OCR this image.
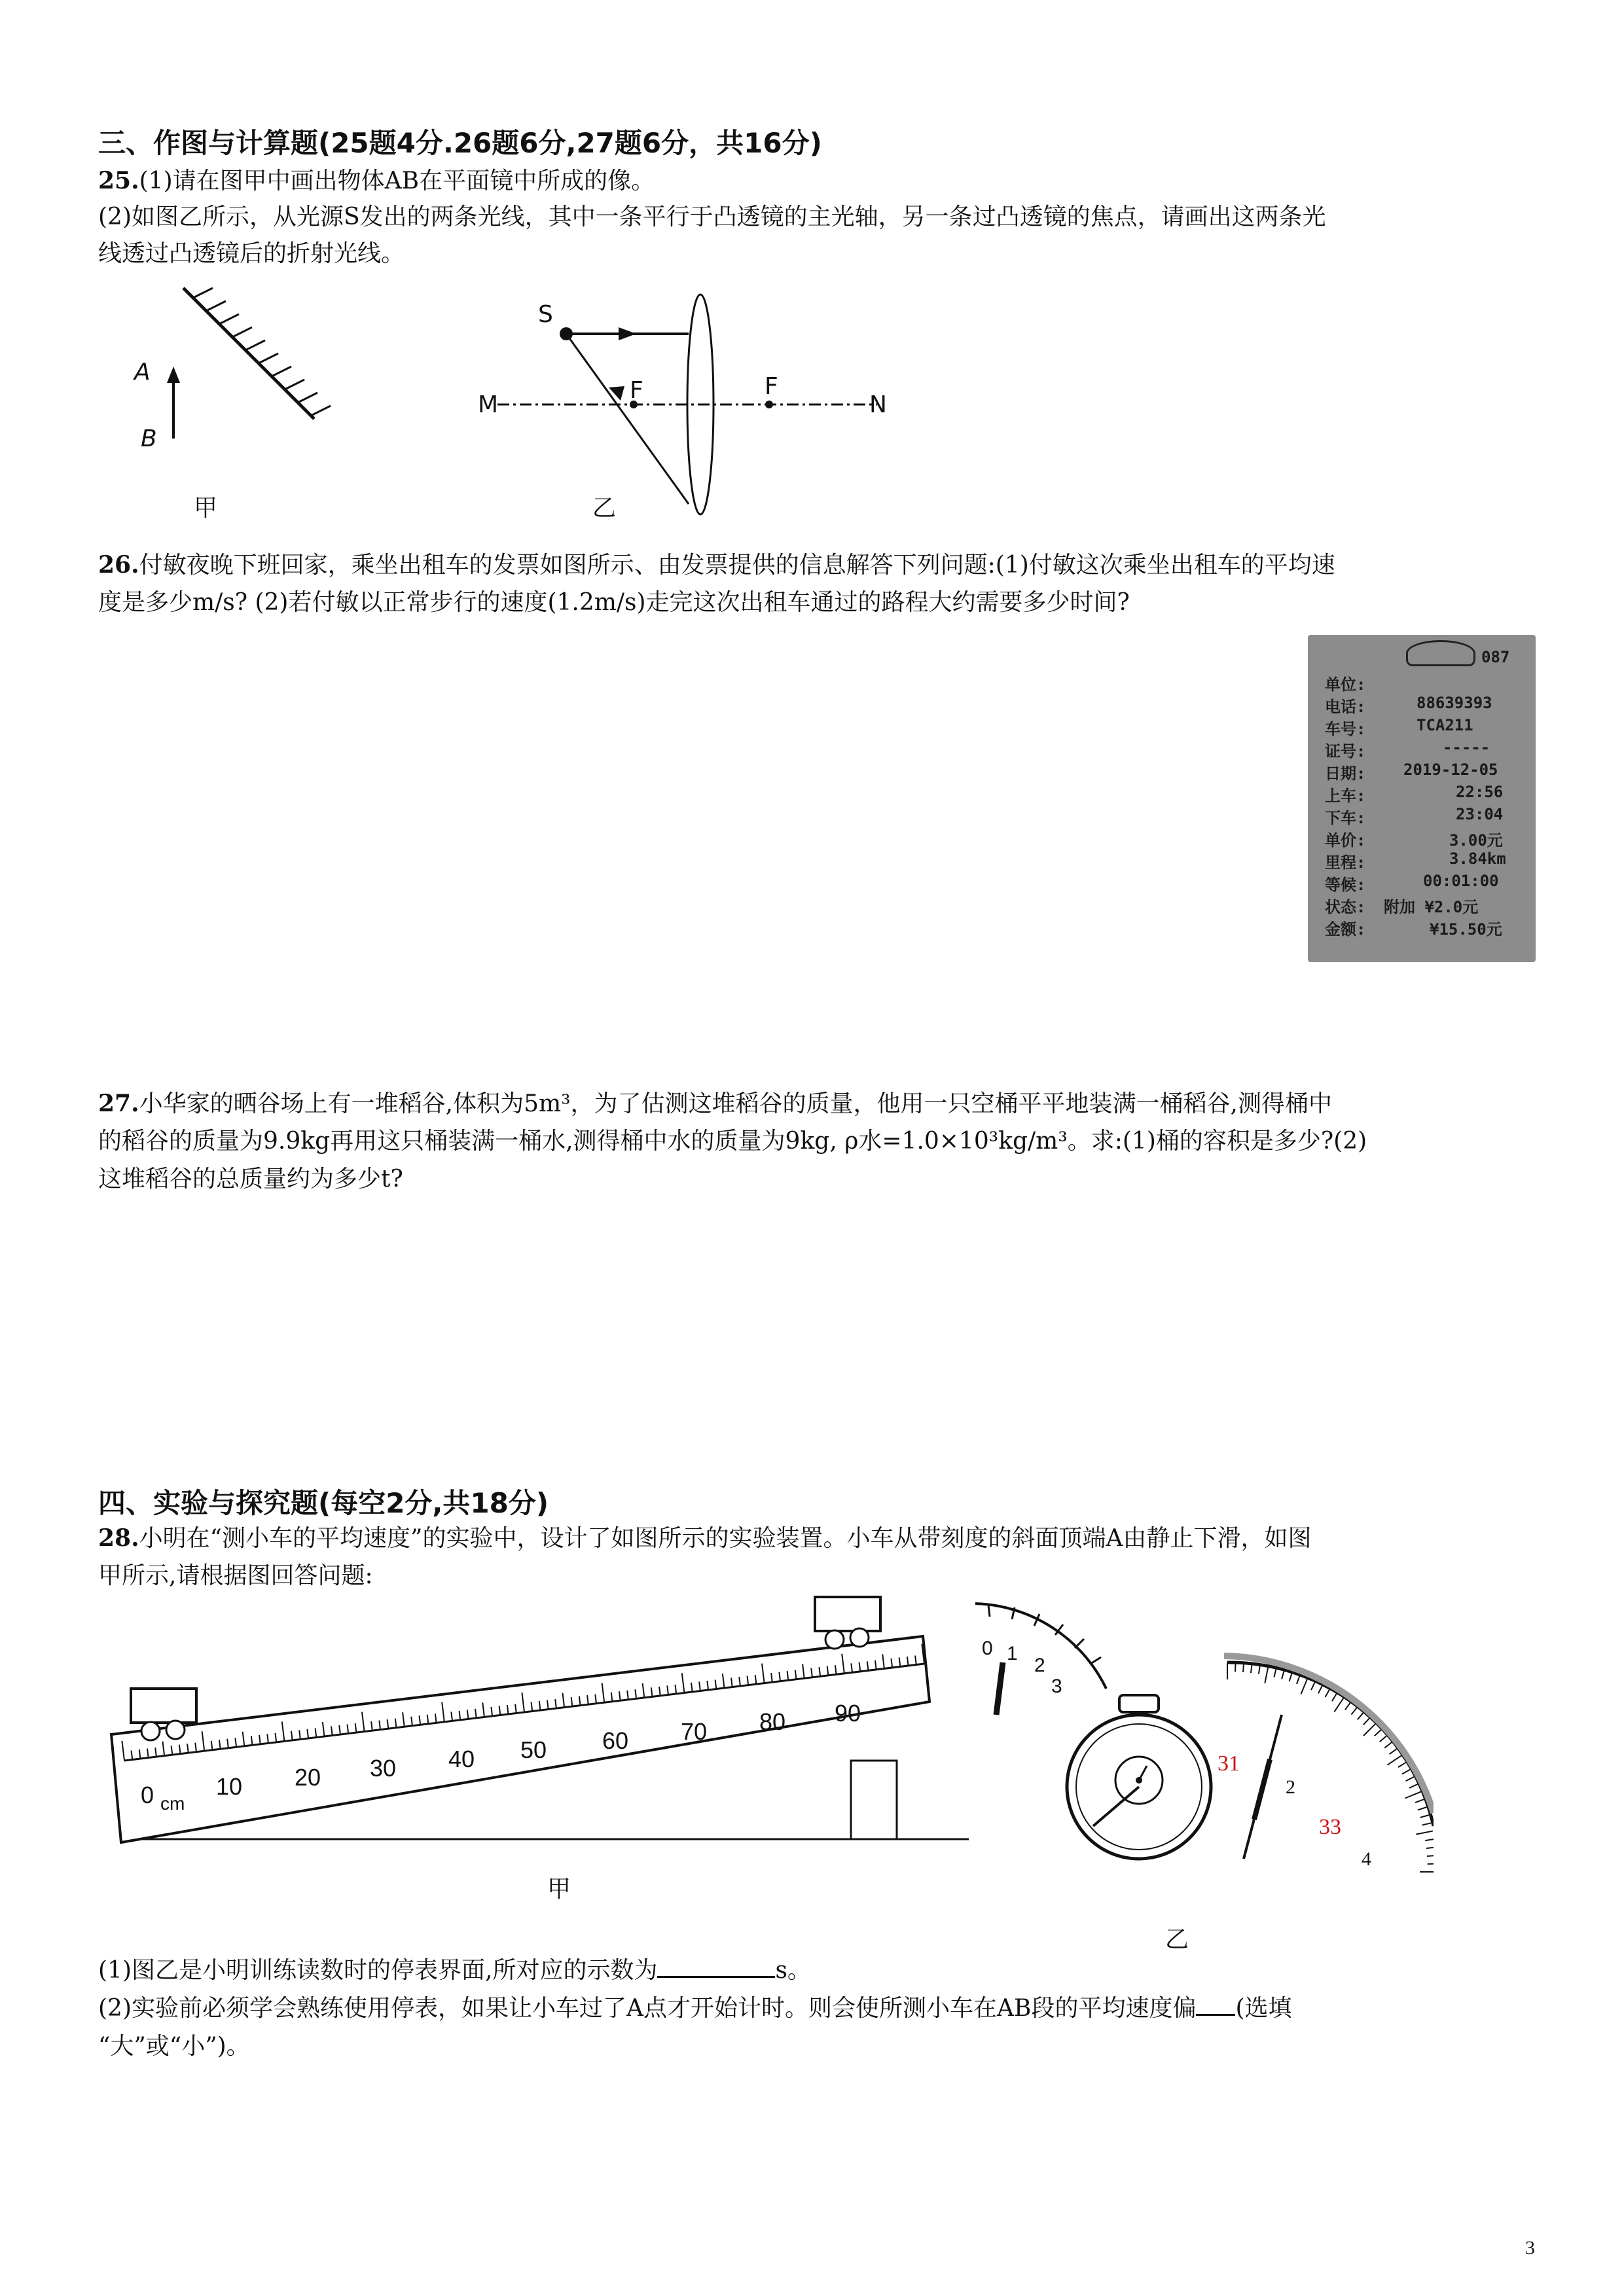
三、作图与计算题(25题4分.26题6分,27题6分，共16分)
25.(1)请在图甲中画出物体AB在平面镜中所成的像。
(2)如图乙所示，从光源S发出的两条光线，其中一条平行于凸透镜的主光轴，另一条过凸透镜的焦点，请画出这两条光
线透过凸透镜后的折射光线。
A
B
甲
S
F	F
M	N
乙
26.付敏夜晚下班回家，乘坐出租车的发票如图所示、由发票提供的信息解答下列问题:(1)付敏这次乘坐出租车的平均速
度是多少m/s? (2)若付敏以正常步行的速度(1.2m/s)走完这次出租车通过的路程大约需要多少时间?
087
单位:
电话:	88639393
车号:	TCA211
证号:	-----
日期: 2019-12-05
上车:	22:56
下车:	23:04
单价:	3.00元
里程:	3.84km
等候:	00:01:00
状态: 附加 ¥2.0元
金额:	¥15.50元
27.小华家的晒谷场上有一堆稻谷,体积为5m³，为了估测这堆稻谷的质量，他用一只空桶平平地装满一桶稻谷,测得桶中
的稻谷的质量为9.9kg再用这只桶装满一桶水,测得桶中水的质量为9kg, ρ水=1.0×10³kg/m³。求:(1)桶的容积是多少?(2)
这堆稻谷的总质量约为多少t?
四、实验与探究题(每空2分,共18分)
28.小明在“测小车的平均速度”的实验中，设计了如图所示的实验装置。小车从带刻度的斜面顶端A由静止下滑，如图
甲所示,请根据图回答问题:
0 cm
10 20 30 40 50 60 70 80 90
甲
0 1
2
3
31
2
33
4
乙
(1)图乙是小明训练读数时的停表界面,所对应的示数为	s。
(2)实验前必须学会熟练使用停表，如果让小车过了A点才开始计时。则会使所测小车在AB段的平均速度偏 (选填
“大”或“小”)。
3
